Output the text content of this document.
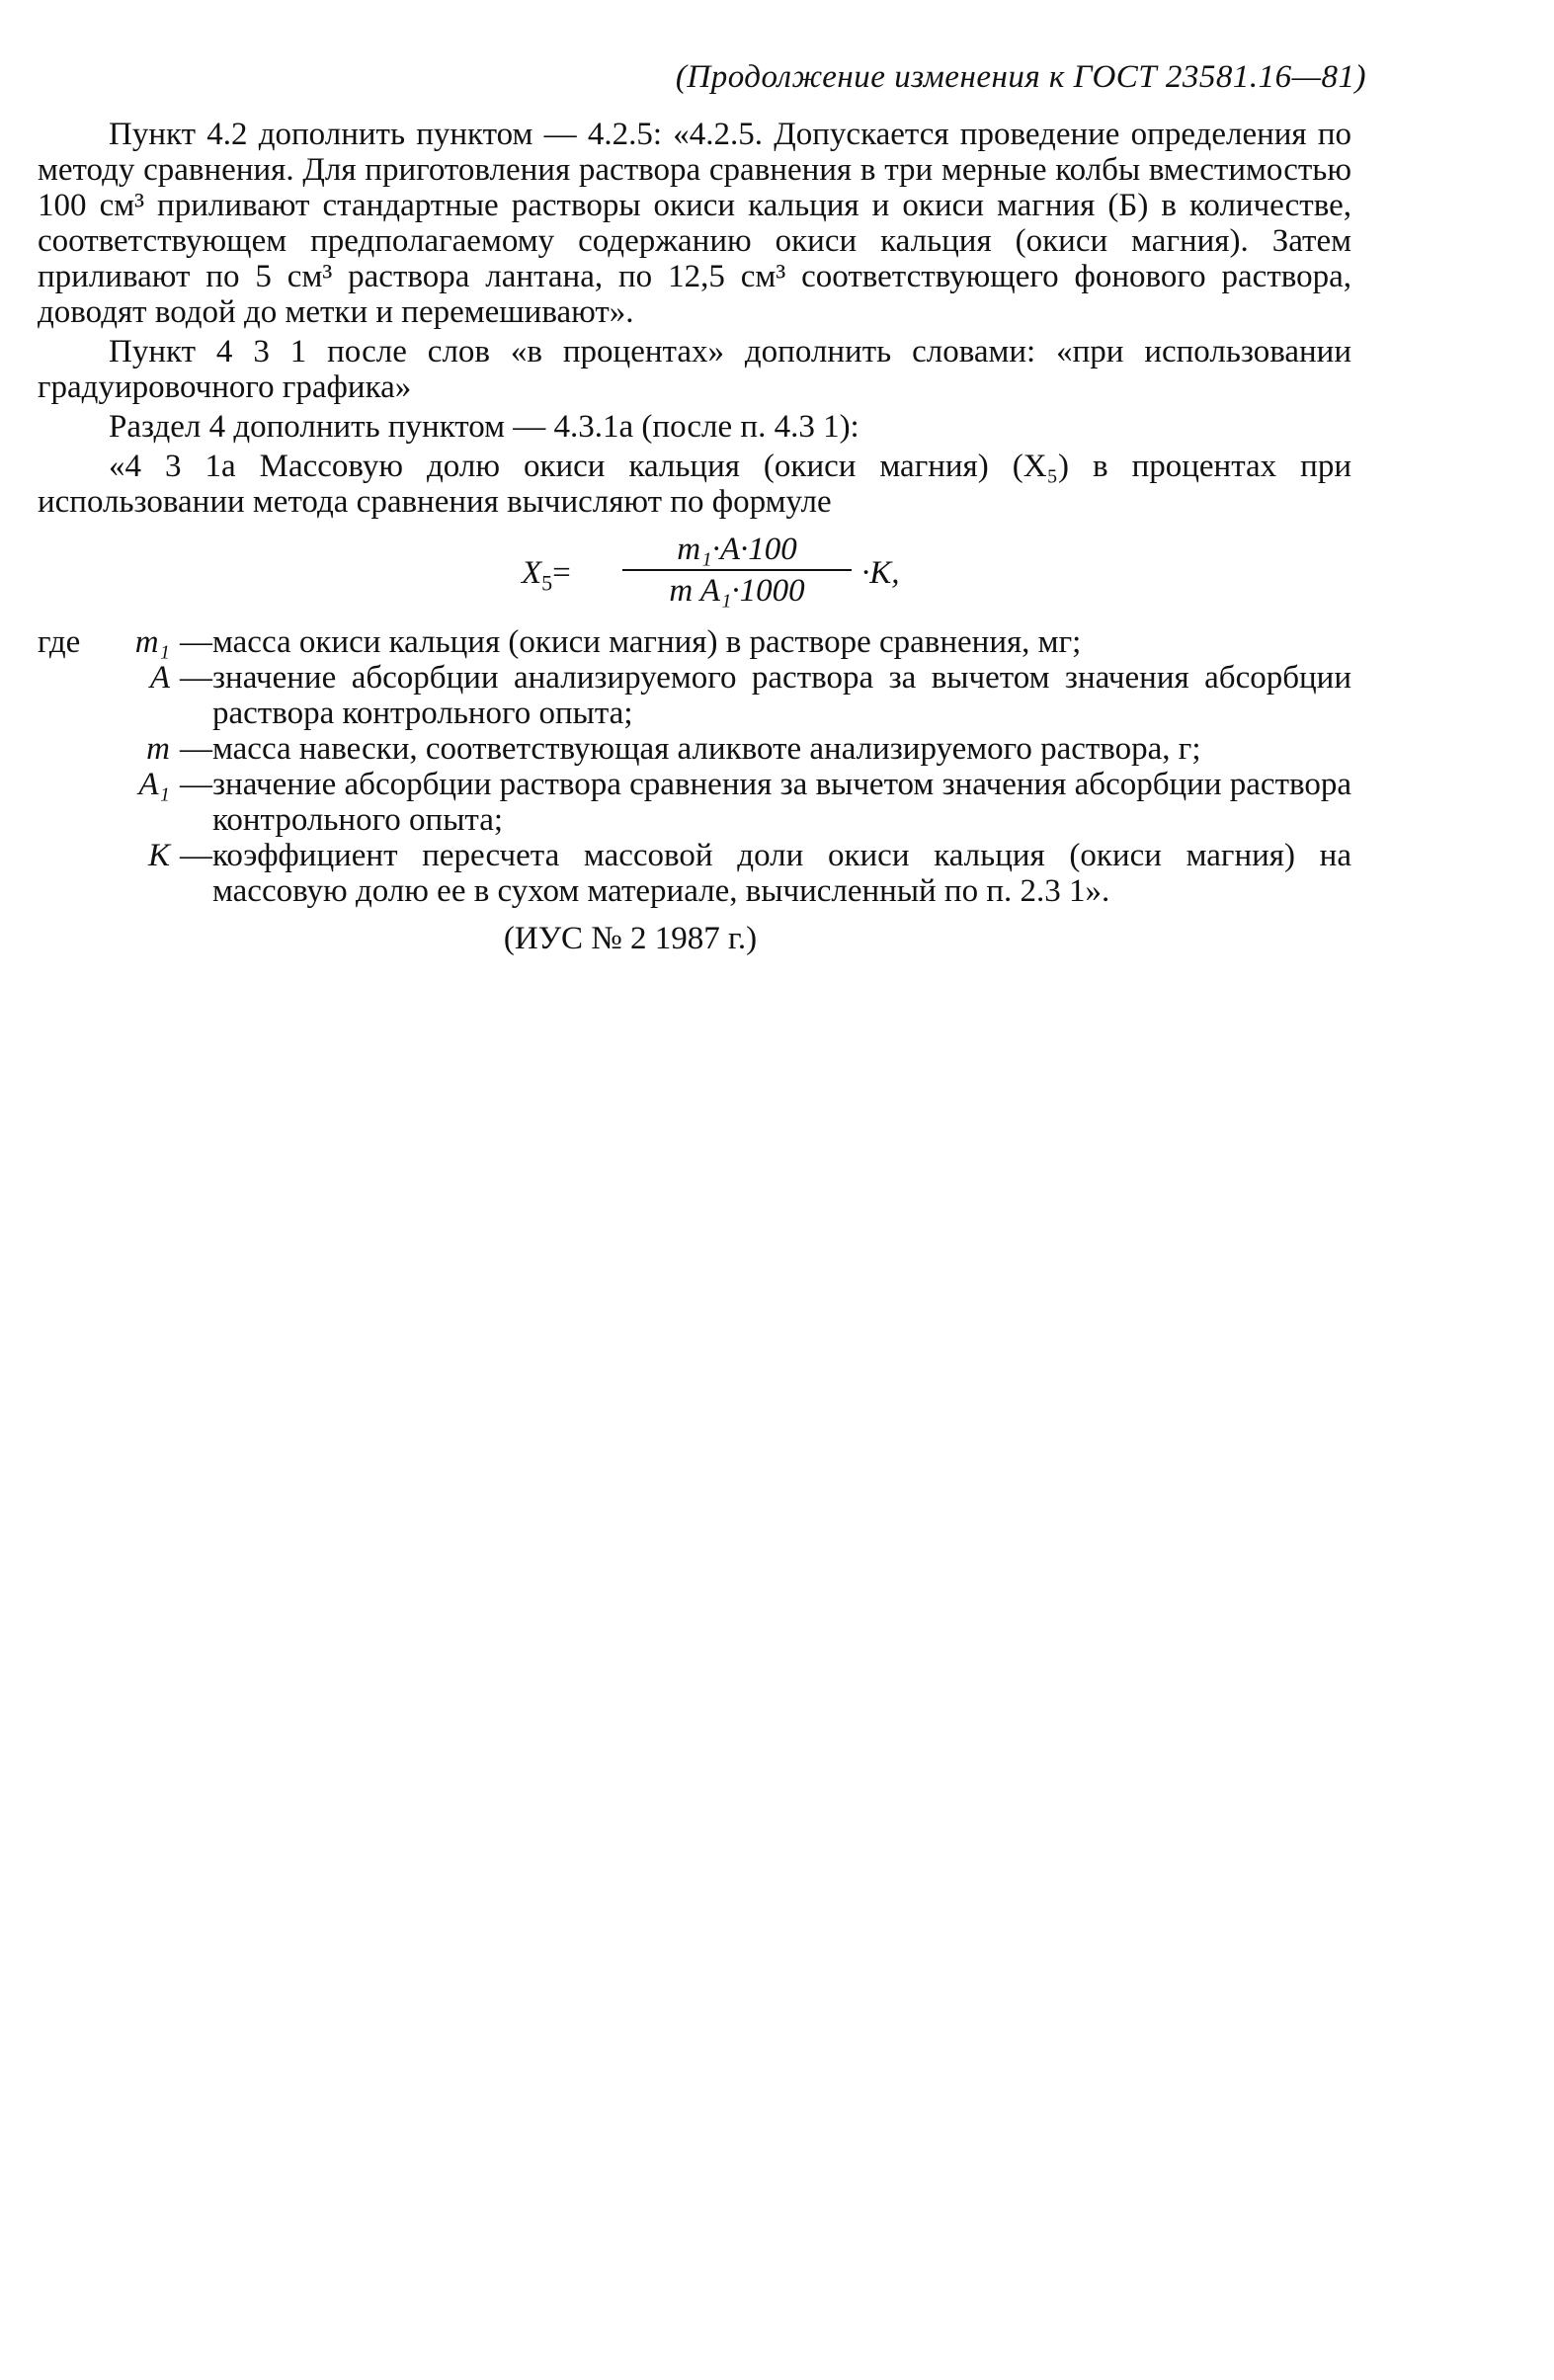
(Продолжение изменения к ГОСТ 23581.16—81)

Пункт 4.2 дополнить пунктом — 4.2.5: «4.2.5. Допускается проведение определения по методу сравнения. Для приготовления раствора сравнения в три мерные колбы вместимостью 100 см³ приливают стандартные растворы окиси кальция и окиси магния (Б) в количестве, соответствующем предполагаемому содержанию окиси кальция (окиси магния). Затем приливают по 5 см³ раствора лантана, по 12,5 см³ соответствующего фонового раствора, доводят водой до метки и перемешивают».

Пункт 4 3 1 после слов «в процентах» дополнить словами: «при использовании градуировочного графика»

Раздел 4 дополнить пунктом — 4.3.1а (после п. 4.3 1):

«4 3 1а Массовую долю окиси кальция (окиси магния) (X₅) в процентах при использовании метода сравнения вычисляют по формуле

$X_5= \frac{\text{m₁·A·100}}{\text{m A₁·1000}} \cdot K$,
где	m₁ — масса окиси кальция (окиси магния) в растворе сравнения, мг;
A — значение абсорбции анализируемого раствора за вычетом значения абсорбции раствора контрольного опыта;
m — масса навески, соответствующая аликвоте анализируемого раствора, г;
A₁ — значение абсорбции раствора сравнения за вычетом значения абсорбции раствора контрольного опыта;
K — коэффициент пересчета массовой доли окиси кальция (окиси магния) на массовую долю ее в сухом материале, вычисленный по п. 2.3 1».
(ИУС № 2 1987 г.)
